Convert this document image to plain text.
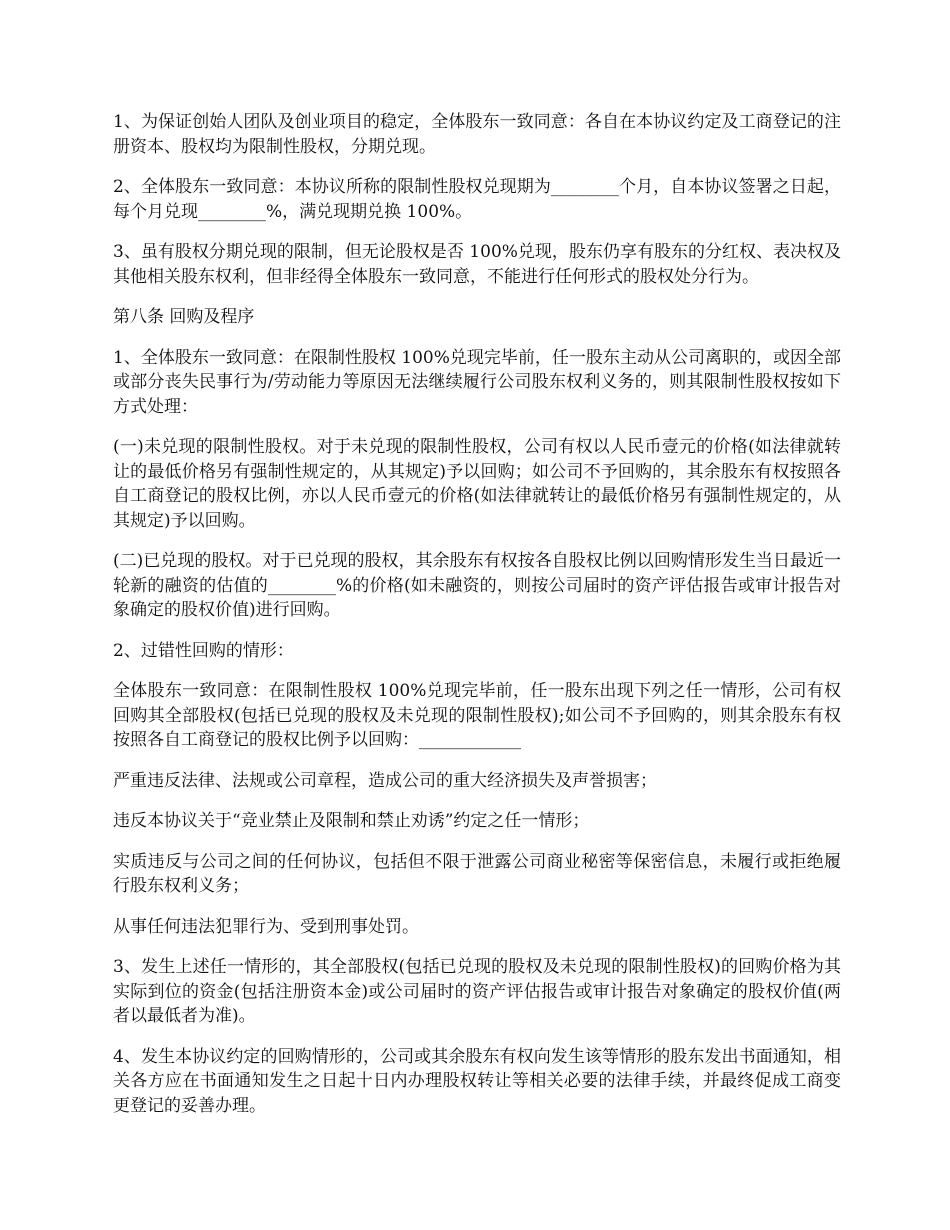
1、为保证创始人团队及创业项目的稳定，全体股东一致同意：各自在本协议约定及工商登记的注册资本、股权均为限制性股权，分期兑现。

2、全体股东一致同意：本协议所称的限制性股权兑现期为________个月，自本协议签署之日起，每个月兑现________%，满兑现期兑换 100%。

3、虽有股权分期兑现的限制，但无论股权是否 100%兑现，股东仍享有股东的分红权、表决权及其他相关股东权利，但非经得全体股东一致同意，不能进行任何形式的股权处分行为。

第八条 回购及程序

1、全体股东一致同意：在限制性股权 100%兑现完毕前，任一股东主动从公司离职的，或因全部或部分丧失民事行为/劳动能力等原因无法继续履行公司股东权利义务的，则其限制性股权按如下方式处理：

(一)未兑现的限制性股权。对于未兑现的限制性股权，公司有权以人民币壹元的价格(如法律就转让的最低价格另有强制性规定的，从其规定)予以回购；如公司不予回购的，其余股东有权按照各自工商登记的股权比例，亦以人民币壹元的价格(如法律就转让的最低价格另有强制性规定的，从其规定)予以回购。

(二)已兑现的股权。对于已兑现的股权，其余股东有权按各自股权比例以回购情形发生当日最近一轮新的融资的估值的________%的价格(如未融资的，则按公司届时的资产评估报告或审计报告对象确定的股权价值)进行回购。

2、过错性回购的情形：

全体股东一致同意：在限制性股权 100%兑现完毕前，任一股东出现下列之任一情形，公司有权回购其全部股权(包括已兑现的股权及未兑现的限制性股权);如公司不予回购的，则其余股东有权按照各自工商登记的股权比例予以回购：____________

严重违反法律、法规或公司章程，造成公司的重大经济损失及声誉损害；

违反本协议关于“竞业禁止及限制和禁止劝诱”约定之任一情形；

实质违反与公司之间的任何协议，包括但不限于泄露公司商业秘密等保密信息，未履行或拒绝履行股东权利义务；

从事任何违法犯罪行为、受到刑事处罚。

3、发生上述任一情形的，其全部股权(包括已兑现的股权及未兑现的限制性股权)的回购价格为其实际到位的资金(包括注册资本金)或公司届时的资产评估报告或审计报告对象确定的股权价值(两者以最低者为准)。

4、发生本协议约定的回购情形的，公司或其余股东有权向发生该等情形的股东发出书面通知，相关各方应在书面通知发生之日起十日内办理股权转让等相关必要的法律手续，并最终促成工商变更登记的妥善办理。
